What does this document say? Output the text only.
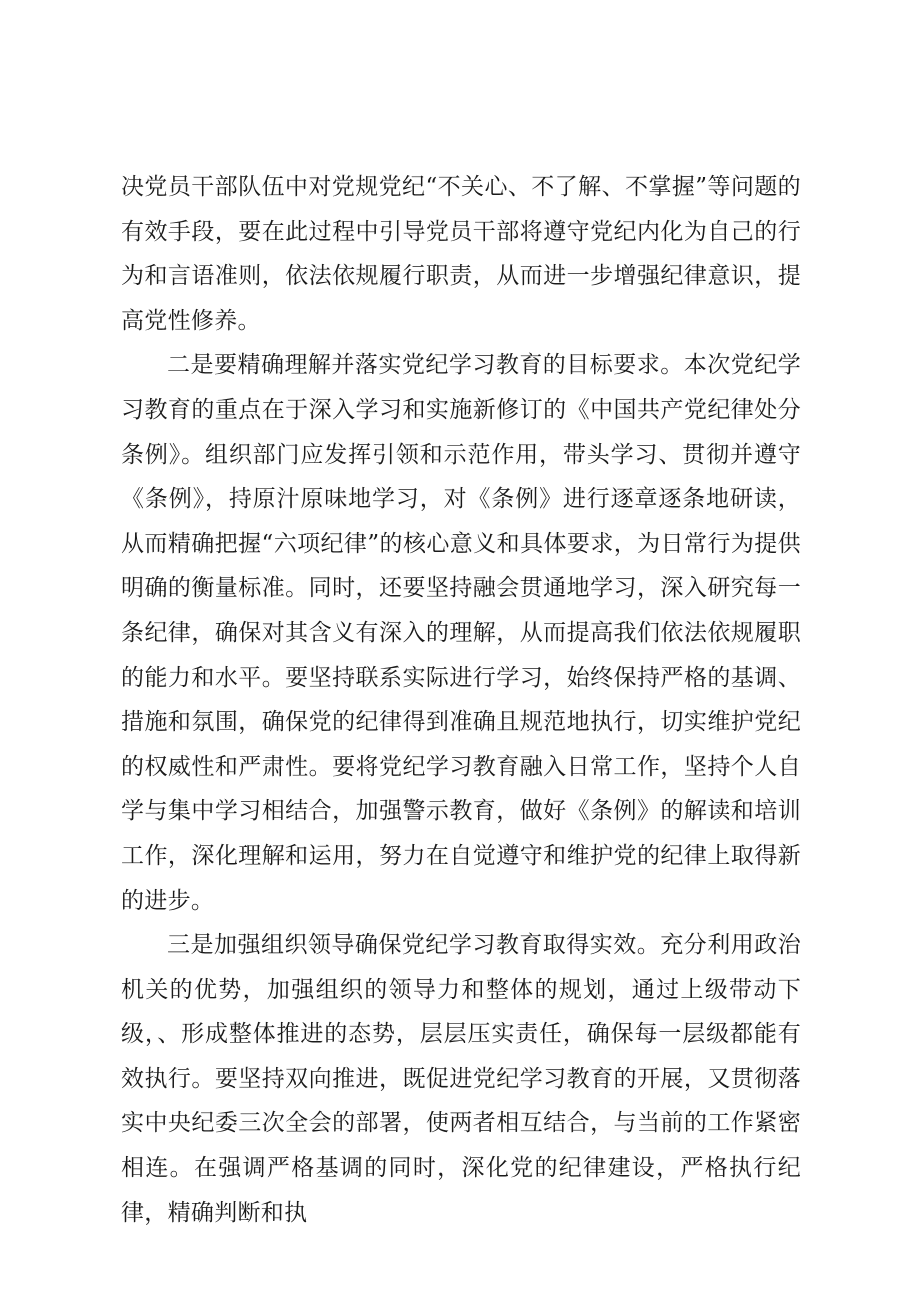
决党员干部队伍中对党规党纪“不关心、不了解、不掌握”等问题的有效手段，要在此过程中引导党员干部将遵守党纪内化为自己的行为和言语准则，依法依规履行职责，从而进一步增强纪律意识，提高党性修养。

二是要精确理解并落实党纪学习教育的目标要求。本次党纪学习教育的重点在于深入学习和实施新修订的《中国共产党纪律处分条例》。组织部门应发挥引领和示范作用，带头学习、贯彻并遵守《条例》，持原汁原味地学习，对《条例》进行逐章逐条地研读，从而精确把握“六项纪律”的核心意义和具体要求，为日常行为提供明确的衡量标准。同时，还要坚持融会贯通地学习，深入研究每一条纪律，确保对其含义有深入的理解，从而提高我们依法依规履职的能力和水平。要坚持联系实际进行学习，始终保持严格的基调、措施和氛围，确保党的纪律得到准确且规范地执行，切实维护党纪的权威性和严肃性。要将党纪学习教育融入日常工作，坚持个人自学与集中学习相结合，加强警示教育，做好《条例》的解读和培训工作，深化理解和运用，努力在自觉遵守和维护党的纪律上取得新的进步。

三是加强组织领导确保党纪学习教育取得实效。充分利用政治机关的优势，加强组织的领导力和整体的规划，通过上级带动下级，、形成整体推进的态势，层层压实责任，确保每一层级都能有效执行。要坚持双向推进，既促进党纪学习教育的开展，又贯彻落实中央纪委三次全会的部署，使两者相互结合，与当前的工作紧密相连。在强调严格基调的同时，深化党的纪律建设，严格执行纪律，精确判断和执
